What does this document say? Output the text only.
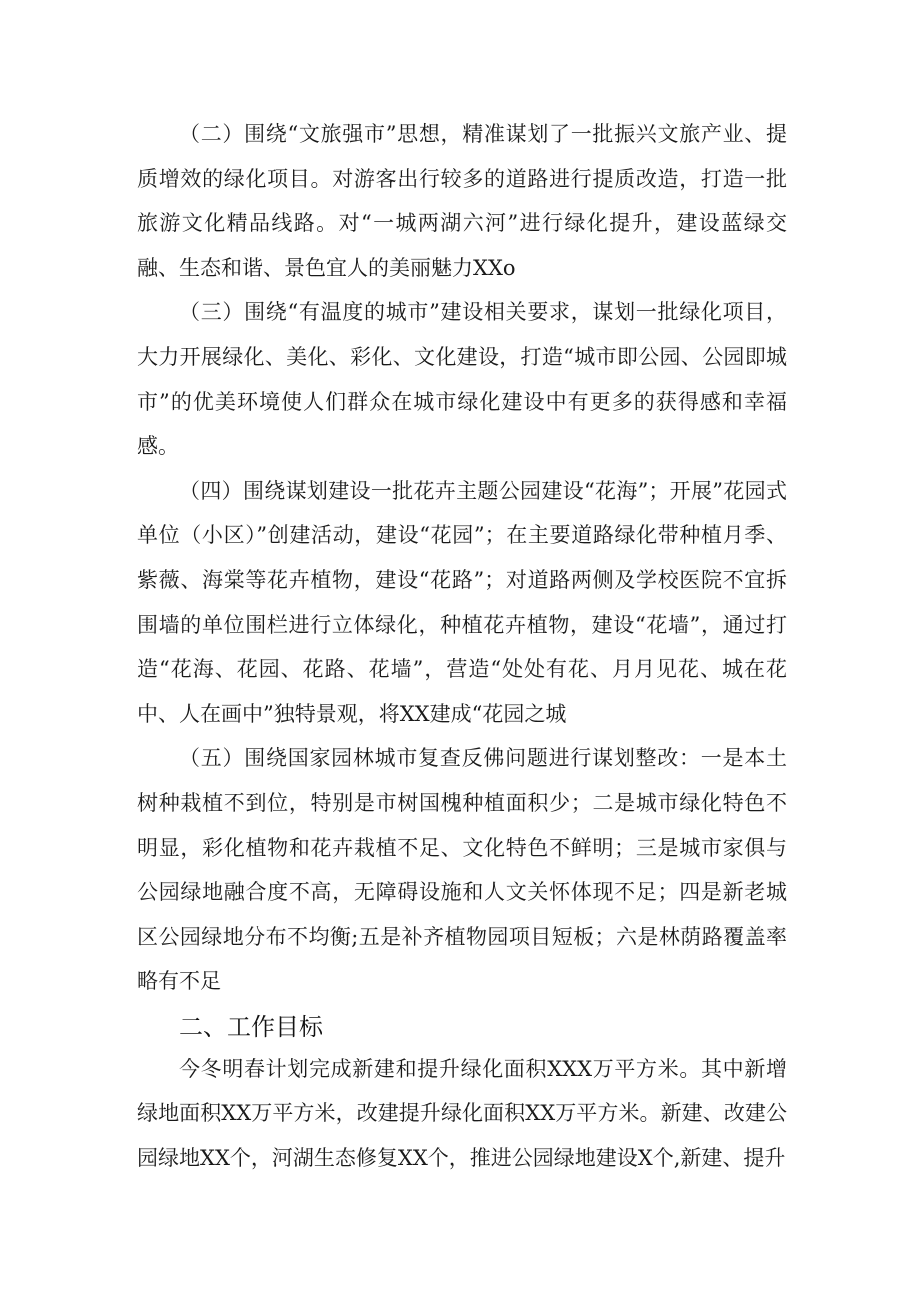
（二）围绕“文旅强市”思想，精准谋划了一批振兴文旅产业、提质增效的绿化项目。对游客出行较多的道路进行提质改造，打造一批旅游文化精品线路。对“一城两湖六河”进行绿化提升，建设蓝绿交融、生态和谐、景色宜人的美丽魅力XXo

（三）围绕“有温度的城市”建设相关要求，谋划一批绿化项目，大力开展绿化、美化、彩化、文化建设，打造“城市即公园、公园即城市”的优美环境使人们群众在城市绿化建设中有更多的获得感和幸福感。

（四）围绕谋划建设一批花卉主题公园建设“花海”；开展”花园式单位（小区）”创建活动，建设“花园”；在主要道路绿化带种植月季、紫薇、海棠等花卉植物，建设“花路”；对道路两侧及学校医院不宜拆围墙的单位围栏进行立体绿化，种植花卉植物，建设“花墙”，通过打造“花海、花园、花路、花墙”，营造“处处有花、月月见花、城在花中、人在画中”独特景观，将XX建成“花园之城

（五）围绕国家园林城市复查反佛问题进行谋划整改：一是本土树种栽植不到位，特别是市树国槐种植面积少；二是城市绿化特色不明显，彩化植物和花卉栽植不足、文化特色不鲜明；三是城市家俱与公园绿地融合度不高，无障碍设施和人文关怀体现不足；四是新老城区公园绿地分布不均衡;五是补齐植物园项目短板；六是林荫路覆盖率略有不足

二、工作目标

今冬明春计划完成新建和提升绿化面积XXX万平方米。其中新增绿地面积XX万平方米，改建提升绿化面积XX万平方米。新建、改建公园绿地XX个，河湖生态修复XX个，推进公园绿地建设X个,新建、提升
